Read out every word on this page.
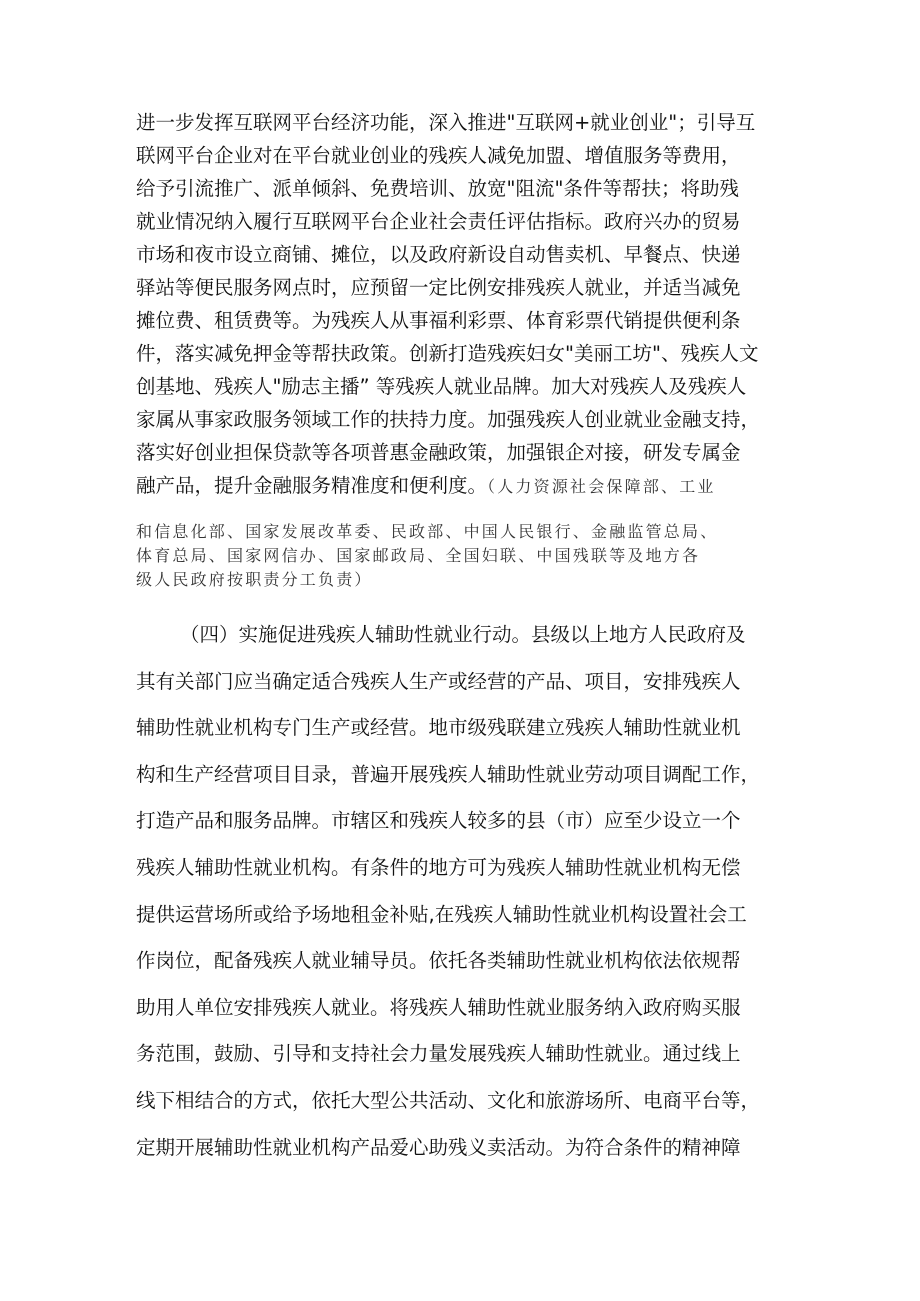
进一步发挥互联网平台经济功能，深入推进"互联网+就业创业"；引导互
联网平台企业对在平台就业创业的残疾人减免加盟、增值服务等费用，
给予引流推广、派单倾斜、免费培训、放宽"阻流"条件等帮扶；将助残
就业情况纳入履行互联网平台企业社会责任评估指标。政府兴办的贸易
市场和夜市设立商铺、摊位，以及政府新设自动售卖机、早餐点、快递
驿站等便民服务网点时，应预留一定比例安排残疾人就业，并适当减免
摊位费、租赁费等。为残疾人从事福利彩票、体育彩票代销提供便利条
件，落实减免押金等帮扶政策。创新打造残疾妇女"美丽工坊"、残疾人文
创基地、残疾人"励志主播” 等残疾人就业品牌。加大对残疾人及残疾人
家属从事家政服务领域工作的扶持力度。加强残疾人创业就业金融支持，
落实好创业担保贷款等各项普惠金融政策，加强银企对接，研发专属金
融产品，提升金融服务精准度和便利度。（人力资源社会保障部、工业
和信息化部、国家发展改革委、民政部、中国人民银行、金融监管总局、
体育总局、国家网信办、国家邮政局、全国妇联、中国残联等及地方各
级人民政府按职责分工负责）
（四）实施促进残疾人辅助性就业行动。县级以上地方人民政府及
其有关部门应当确定适合残疾人生产或经营的产品、项目，安排残疾人
辅助性就业机构专门生产或经营。地市级残联建立残疾人辅助性就业机
构和生产经营项目目录，普遍开展残疾人辅助性就业劳动项目调配工作，
打造产品和服务品牌。市辖区和残疾人较多的县（市）应至少设立一个
残疾人辅助性就业机构。有条件的地方可为残疾人辅助性就业机构无偿
提供运营场所或给予场地租金补贴,在残疾人辅助性就业机构设置社会工
作岗位，配备残疾人就业辅导员。依托各类辅助性就业机构依法依规帮
助用人单位安排残疾人就业。将残疾人辅助性就业服务纳入政府购买服
务范围，鼓励、引导和支持社会力量发展残疾人辅助性就业。通过线上
线下相结合的方式，依托大型公共活动、文化和旅游场所、电商平台等，
定期开展辅助性就业机构产品爱心助残义卖活动。为符合条件的精神障
